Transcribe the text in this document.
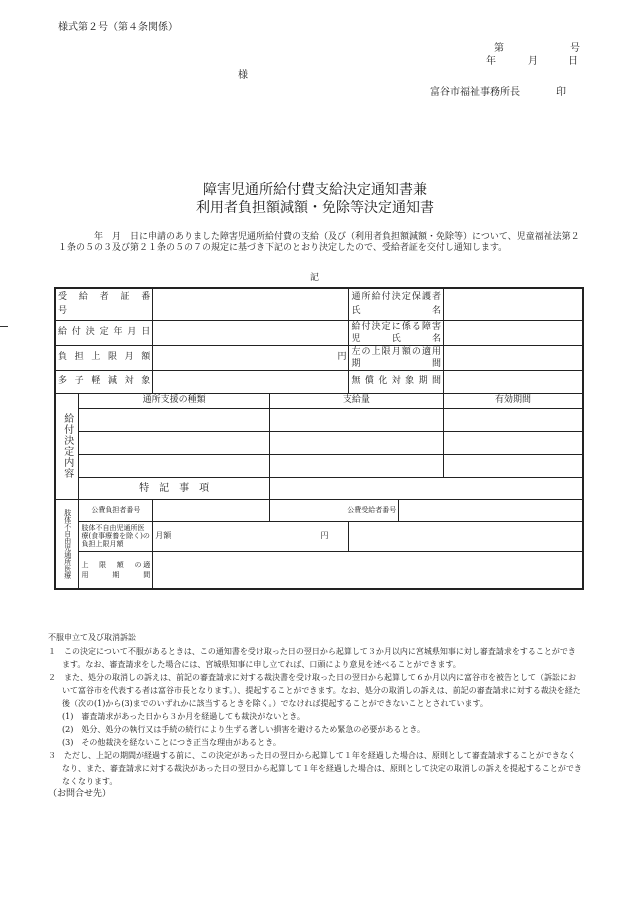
様式第２号（第４条関係）
第	号
年	月	日
様
富谷市福祉事務所長	印
障害児通所給付費支給決定通知書兼
利用者負担額減額・免除等決定通知書
年　月　日に申請のありました障害児通所給付費の支給（及び（利用者負担額減額・免除等）について、児童福祉法第２１条の５の３及び第２１条の５の７の規定に基づき下記のとおり決定したので、受給者証を交付し通知します。
記
受　給　者　証　番　　　　　号				通所給付決定保護者氏名		

給付決定年月日				給付決定に係る障害児氏名		

負担上限月額		円		左の上限月額の適用期間		

多子軽減対象				無償化対象期間		

給付決定内容	通所支援の種類		支給量			有効期間

	特　記　事　項					

肢体不自由児通所医療	公費負担者番号		公費受給者番号	

	肢体不自由児通所医療(食事療養を除く)の負担上限月額	月額 円				

	上　限　額　の適　用　期　間					

不服申立て及び取消訴訟

１　この決定について不服があるときは、この通知書を受け取った日の翌日から起算して３か月以内に宮城県知事に対し審査請求をすることができます。なお、審査請求をした場合には、宮城県知事に申し立てれば、口頭により意見を述べることができます。

２　また、処分の取消しの訴えは、前記の審査請求に対する裁決書を受け取った日の翌日から起算して６か月以内に富谷市を被告として（訴訟において富谷市を代表する者は富谷市長となります。）、提起することができます。なお、処分の取消しの訴えは、前記の審査請求に対する裁決を経た後（次の(1)から(3)までのいずれかに該当するときを除く。）でなければ提起することができないこととされています。

(1)　審査請求があった日から３か月を経過しても裁決がないとき。

(2)　処分、処分の執行又は手続の続行により生ずる著しい損害を避けるため緊急の必要があるとき。

(3)　その他裁決を経ないことにつき正当な理由があるとき。

３　ただし、上記の期間が経過する前に、この決定があった日の翌日から起算して１年を経過した場合は、原則として審査請求することができなくなり、また、審査請求に対する裁決があった日の翌日から起算して１年を経過した場合は、原則として決定の取消しの訴えを提起することができなくなります。

（お問合せ先）
